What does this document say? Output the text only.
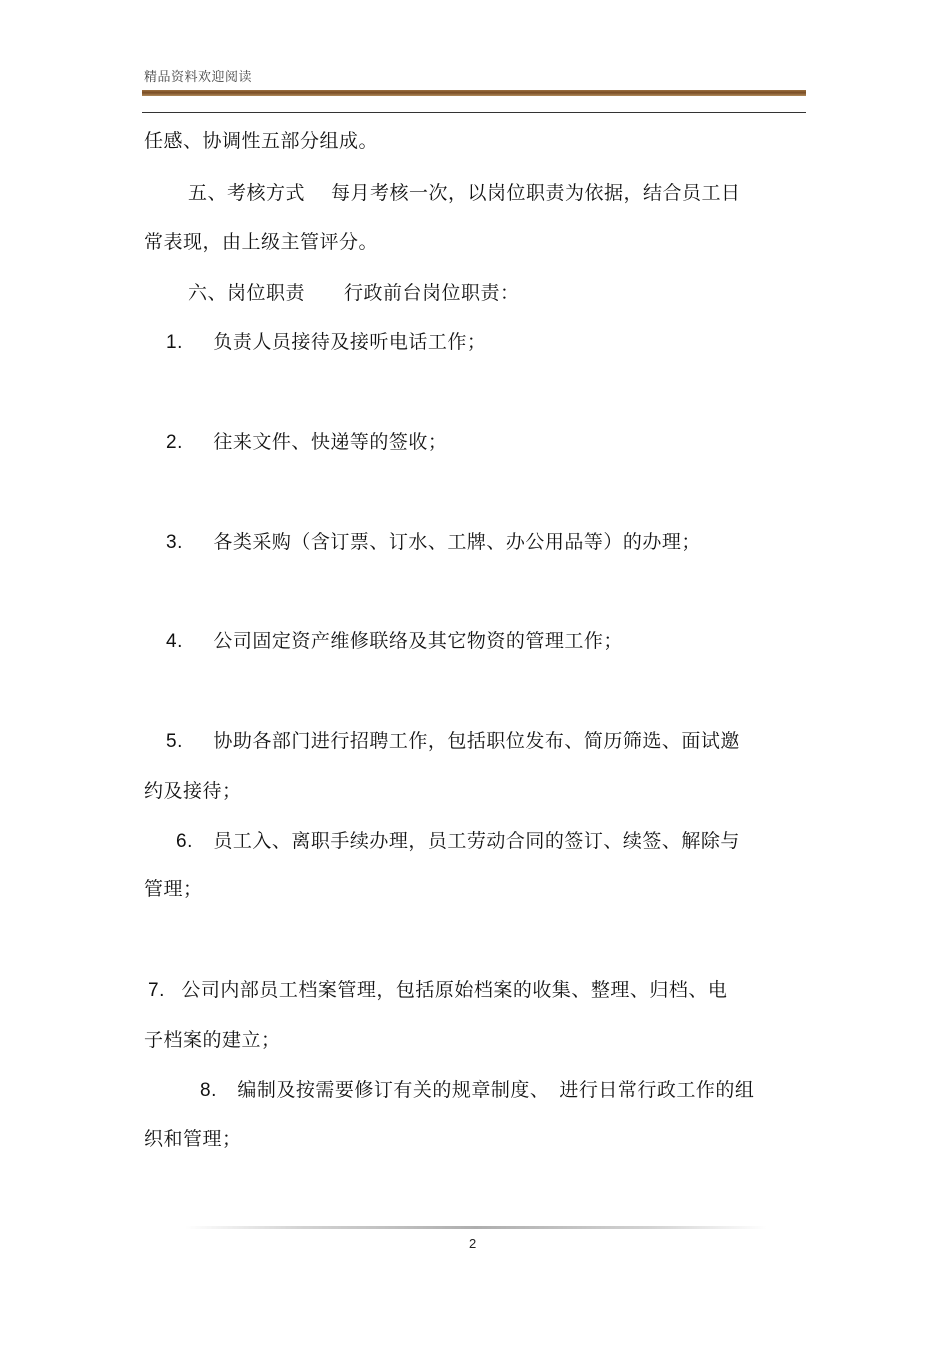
精品资料欢迎阅读
任感、协调性五部分组成。
五、考核方式　 每月考核一次，以岗位职责为依据，结合员工日
常表现，由上级主管评分。
六、岗位职责　　行政前台岗位职责：
1. 负责人员接待及接听电话工作；
2. 往来文件、快递等的签收；
3. 各类采购（含订票、订水、工牌、办公用品等）的办理；
4. 公司固定资产维修联络及其它物资的管理工作；
5. 协助各部门进行招聘工作，包括职位发布、简历筛选、面试邀
约及接待；
6. 员工入、离职手续办理，员工劳动合同的签订、续签、解除与
管理；
7. 公司内部员工档案管理，包括原始档案的收集、整理、归档、电
子档案的建立；
8. 编制及按需要修订有关的规章制度、　进行日常行政工作的组
织和管理；
2
